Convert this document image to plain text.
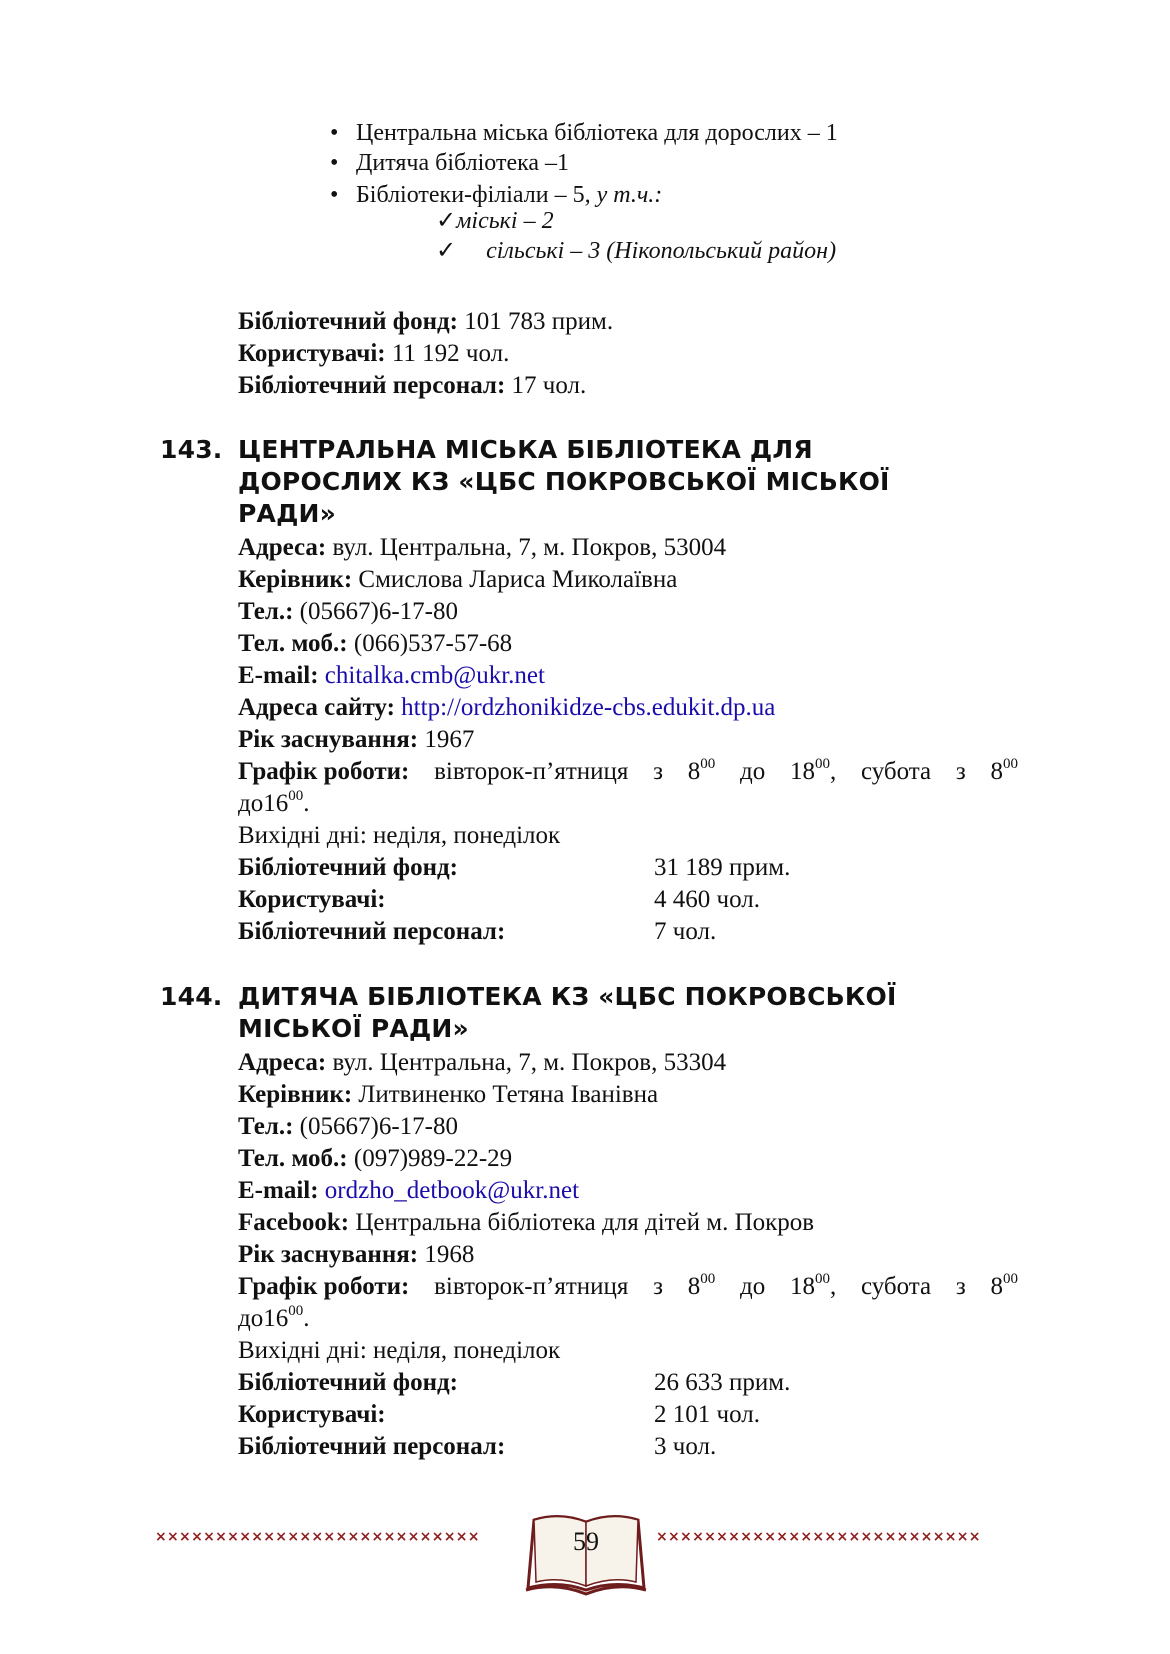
• Центральна міська бібліотека для дорослих – 1
• Дитяча бібліотека –1
• Бібліотеки-філіали – 5, у т.ч.:
✓міські – 2
✓ сільські – 3 (Нікопольський район)
Бібліотечний фонд: 101 783 прим.
Користувачі: 11 192 чол.
Бібліотечний персонал: 17 чол.
143. ЦЕНТРАЛЬНА МІСЬКА БІБЛІОТЕКА ДЛЯ ДОРОСЛИХ КЗ «ЦБС ПОКРОВСЬКОЇ МІСЬКОЇ РАДИ»
Адреса: вул. Центральна, 7, м. Покров, 53004
Керівник: Смислова Лариса Миколаївна
Тел.: (05667)6-17-80
Тел. моб.: (066)537-57-68
E-mail: chitalka.cmb@ukr.net
Адреса сайту: http://ordzhonikidze-cbs.edukit.dp.ua
Рік заснування: 1967
Графік роботи: вівторок-п’ятниця з $8^{00}$ до $18^{00}$, субота з $8^{00}$
$до16^{00}$.
Вихідні дні: неділя, понеділок
Бібліотечний фонд:	31 189 прим.
Користувачі:	4 460 чол.
Бібліотечний персонал:	7 чол.
144. ДИТЯЧА БІБЛІОТЕКА КЗ «ЦБС ПОКРОВСЬКОЇ МІСЬКОЇ РАДИ»
Адреса: вул. Центральна, 7, м. Покров, 53304
Керівник: Литвиненко Тетяна Іванівна
Тел.: (05667)6-17-80
Тел. моб.: (097)989-22-29
E-mail: ordzho_detbook@ukr.net
Facebook: Центральна бібліотека для дітей м. Покров
Рік заснування: 1968
Графік роботи: вівторок-п’ятниця з $8^{00}$ до $18^{00}$, субота з $8^{00}$
$до16^{00}$.
Вихідні дні: неділя, понеділок
Бібліотечний фонд:	26 633 прим.
Користувачі:	2 101 чол.
Бібліотечний персонал:	3 чол.
×××××××××××××××××××××××××××	×××××××××××××××××××××××××××
59
